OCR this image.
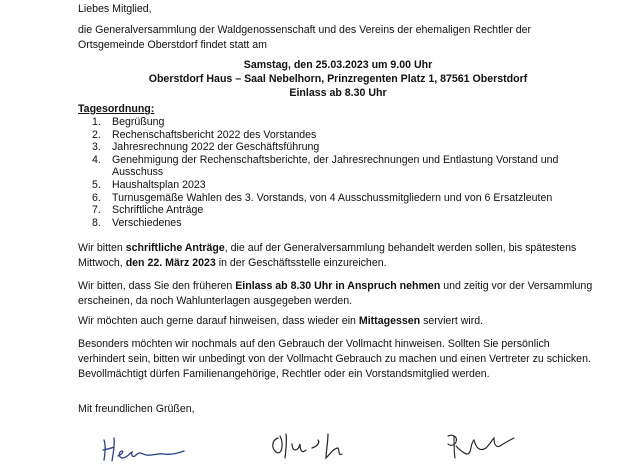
Liebes Mitglied,

die Generalversammlung der Waldgenossenschaft und des Vereins der ehemaligen Rechtler der Ortsgemeinde Oberstdorf findet statt am

Samstag, den 25.03.2023 um 9.00 Uhr

Oberstdorf Haus – Saal Nebelhorn, Prinzregenten Platz 1, 87561 Oberstdorf

Einlass ab 8.30 Uhr

Tagesordnung:

1.	Begrüßung
2.	Rechenschaftsbericht 2022 des Vorstandes
3.	Jahresrechnung 2022 der Geschäftsführung
4.	Genehmigung der Rechenschaftsberichte, der Jahresrechnungen und Entlastung Vorstand und Ausschuss
5.	Haushaltsplan 2023
6.	Turnusgemäße Wahlen des 3. Vorstands, von 4 Ausschussmitgliedern und von 6 Ersatzleuten
7.	Schriftliche Anträge
8.	Verschiedenes

Wir bitten schriftliche Anträge, die auf der Generalversammlung behandelt werden sollen, bis spätestens Mittwoch, den 22. März 2023 in der Geschäftsstelle einzureichen.

Wir bitten, dass Sie den früheren Einlass ab 8.30 Uhr in Anspruch nehmen und zeitig vor der Versammlung erscheinen, da noch Wahlunterlagen ausgegeben werden.

Wir möchten auch gerne darauf hinweisen, dass wieder ein Mittagessen serviert wird.

Besonders möchten wir nochmals auf den Gebrauch der Vollmacht hinweisen. Sollten Sie persönlich verhindert sein, bitten wir unbedingt von der Vollmacht Gebrauch zu machen und einen Vertreter zu schicken. Bevollmächtigt dürfen Familienangehörige, Rechtler oder ein Vorstandsmitglied werden.

Mit freundlichen Grüßen,
